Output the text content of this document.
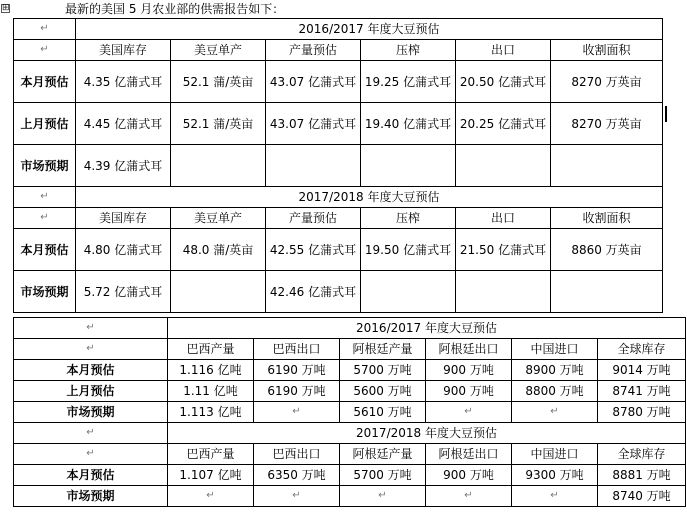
⊞	最新的美国 5 月农业部的供需报告如下：
↵	2016/2017 年度大豆预估					
↵	美国库存	美豆单产	产量预估	压榨	出口	收割面积
本月预估	4.35 亿蒲式耳	52.1 蒲/英亩	43.07 亿蒲式耳	19.25 亿蒲式耳	20.50 亿蒲式耳	8270 万英亩
上月预估	4.45 亿蒲式耳	52.1 蒲/英亩	43.07 亿蒲式耳	19.40 亿蒲式耳	20.25 亿蒲式耳	8270 万英亩
市场预期	4.39 亿蒲式耳					
↵	2017/2018 年度大豆预估					
↵	美国库存	美豆单产	产量预估	压榨	出口	收割面积
本月预估	4.80 亿蒲式耳	48.0 蒲/英亩	42.55 亿蒲式耳	19.50 亿蒲式耳	21.50 亿蒲式耳	8860 万英亩
市场预期	5.72 亿蒲式耳		42.46 亿蒲式耳			
↵	2016/2017 年度大豆预估					
↵	巴西产量	巴西出口	阿根廷产量	阿根廷出口	中国进口	全球库存
本月预估	1.116 亿吨	6190 万吨	5700 万吨	900 万吨	8900 万吨	9014 万吨
上月预估	1.11 亿吨	6190 万吨	5600 万吨	900 万吨	8800 万吨	8741 万吨
市场预期	1.113 亿吨	↵	5610 万吨	↵	↵	8780 万吨
↵	2017/2018 年度大豆预估					
↵	巴西产量	巴西出口	阿根廷产量	阿根廷出口	中国进口	全球库存
本月预估	1.107 亿吨	6350 万吨	5700 万吨	900 万吨	9300 万吨	8881 万吨
市场预期	↵	↵	↵	↵	↵	8740 万吨
